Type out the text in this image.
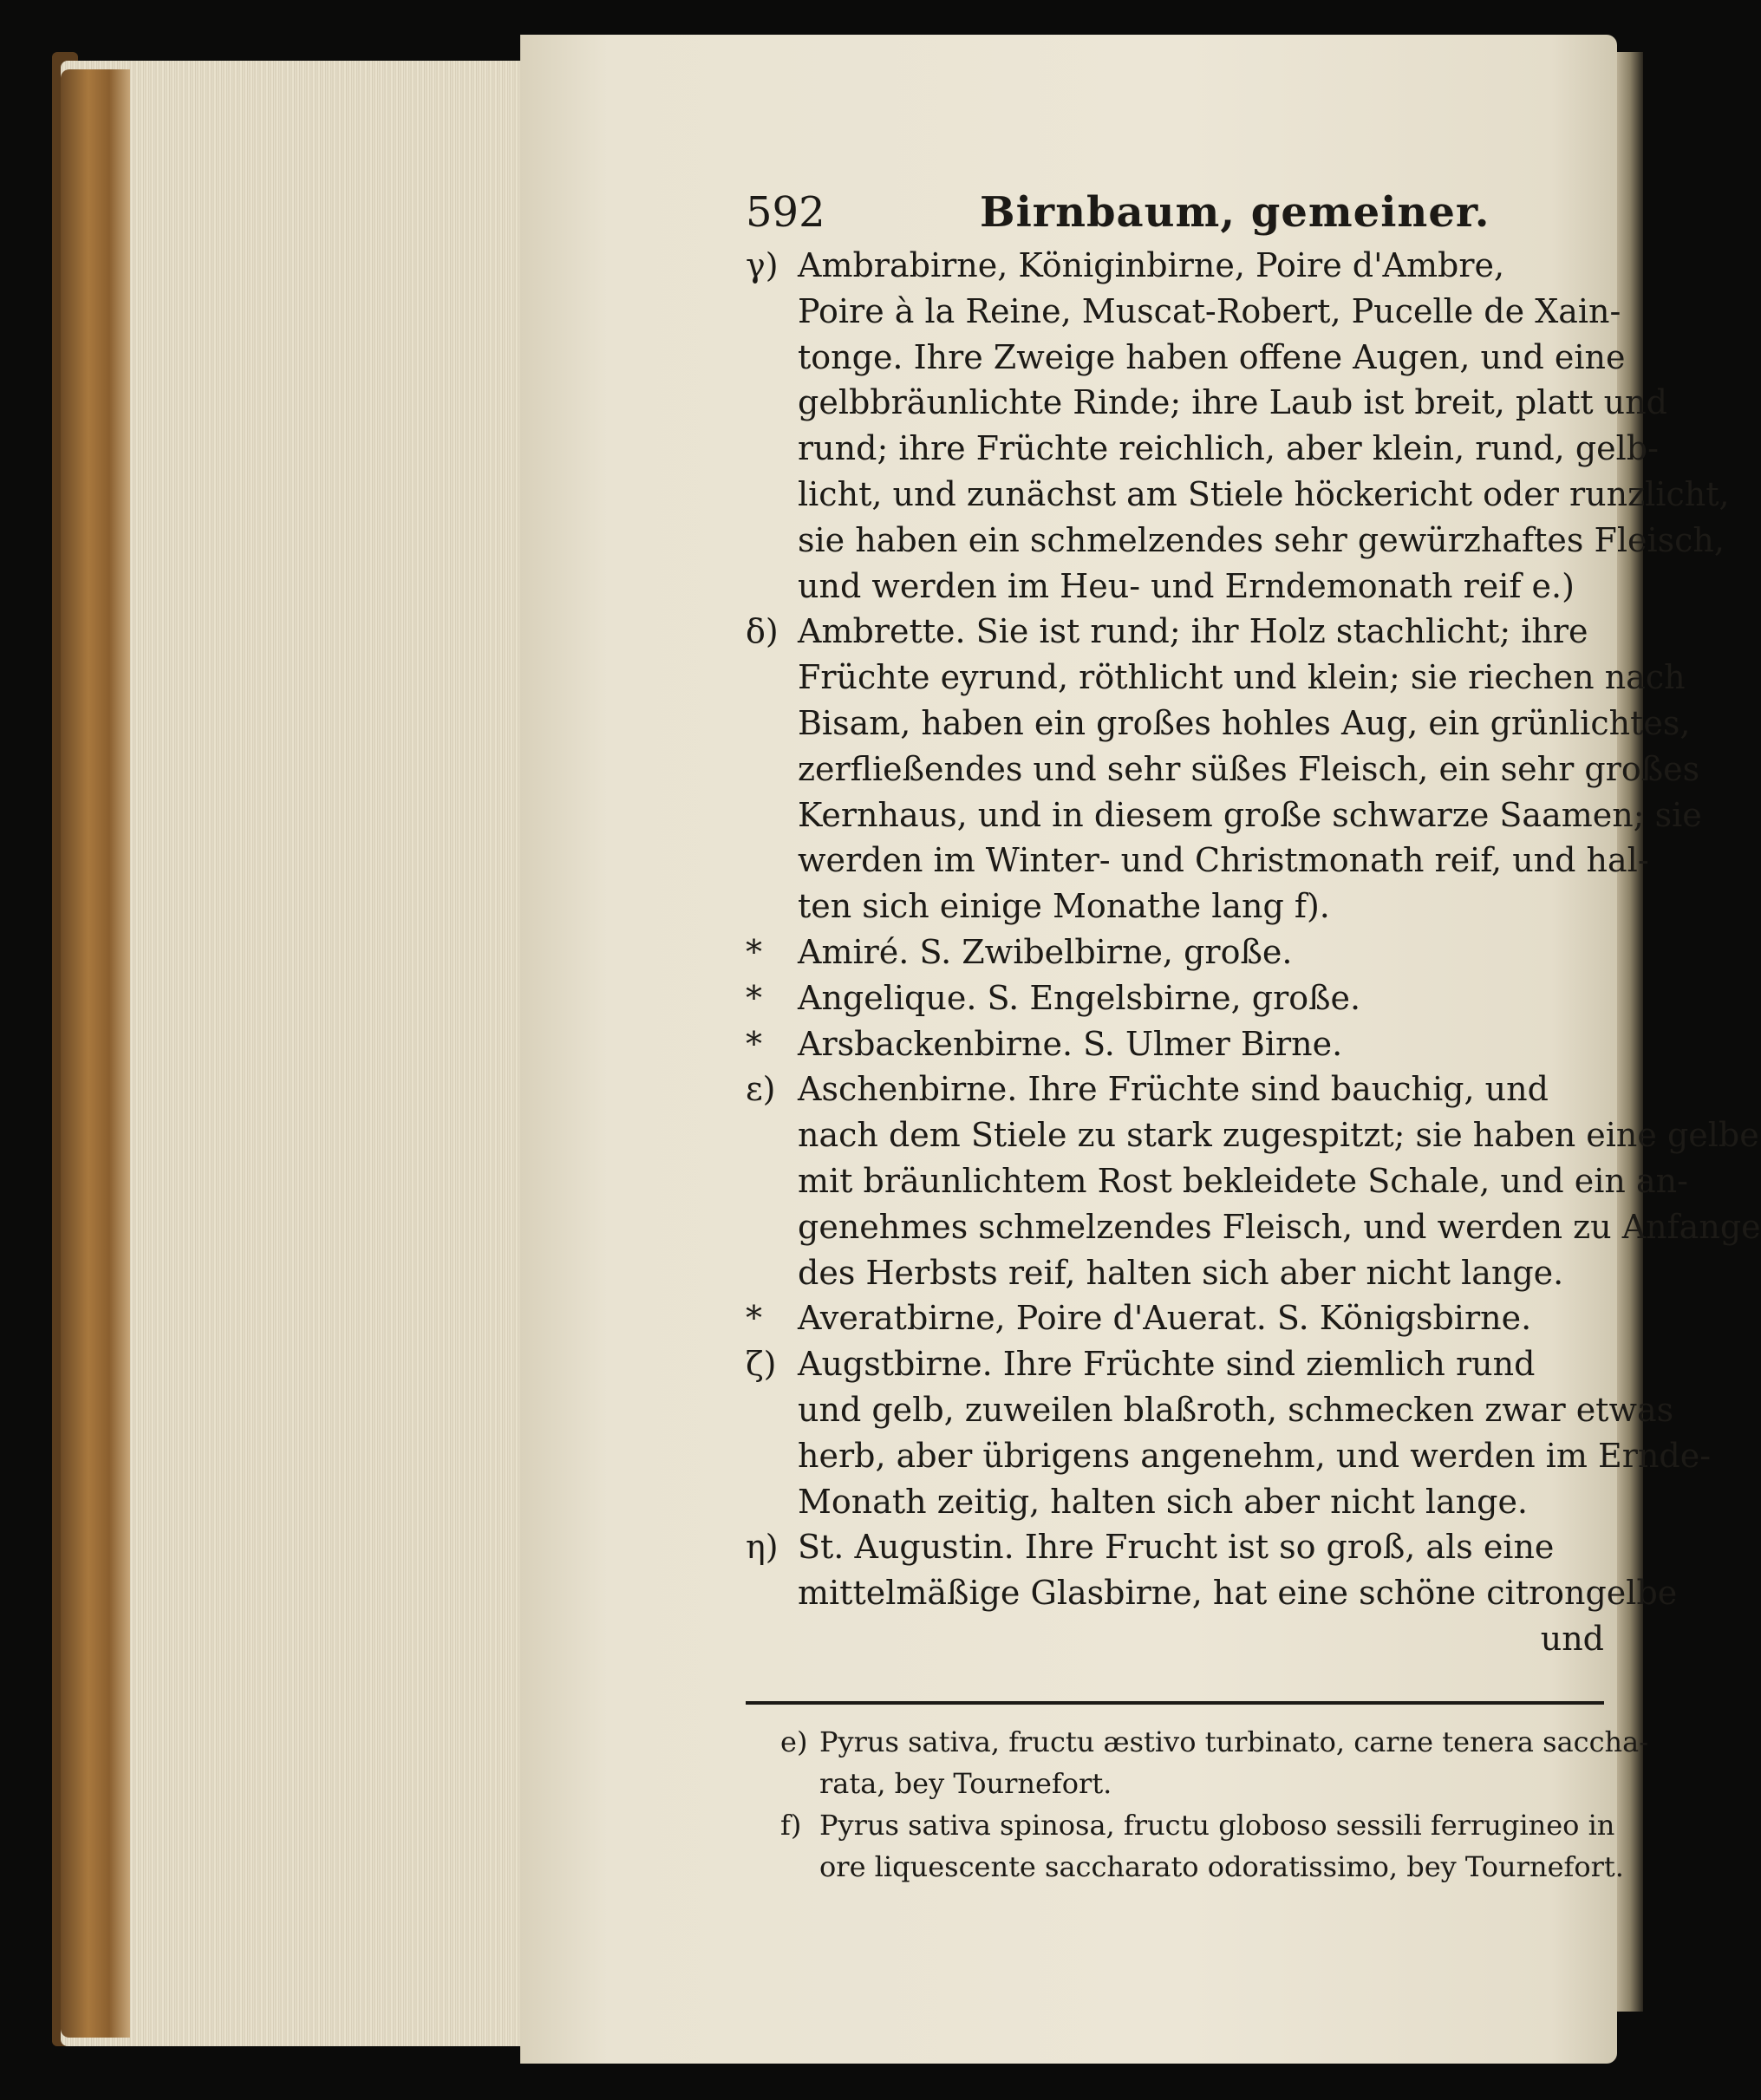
592	Birnbaum, gemeiner.
γ) Ambrabirne, Königinbirne, Poire d'Ambre,
Poire à la Reine, Muscat-Robert, Pucelle de Xain-
tonge. Ihre Zweige haben offene Augen, und eine
gelbbräunlichte Rinde; ihre Laub ist breit, platt und
rund; ihre Früchte reichlich, aber klein, rund, gelb-
licht, und zunächst am Stiele höckericht oder runzlicht,
sie haben ein schmelzendes sehr gewürzhaftes Fleisch,
und werden im Heu- und Erndemonath reif e.)
δ) Ambrette. Sie ist rund; ihr Holz stachlicht; ihre
Früchte eyrund, röthlicht und klein; sie riechen nach
Bisam, haben ein großes hohles Aug, ein grünlichtes,
zerfließendes und sehr süßes Fleisch, ein sehr großes
Kernhaus, und in diesem große schwarze Saamen; sie
werden im Winter- und Christmonath reif, und hal-
ten sich einige Monathe lang f).
* Amiré. S. Zwibelbirne, große.
* Angelique. S. Engelsbirne, große.
* Arsbackenbirne. S. Ulmer Birne.
ε) Aschenbirne. Ihre Früchte sind bauchig, und
nach dem Stiele zu stark zugespitzt; sie haben eine gelbe
mit bräunlichtem Rost bekleidete Schale, und ein an-
genehmes schmelzendes Fleisch, und werden zu Anfange
des Herbsts reif, halten sich aber nicht lange.
* Averatbirne, Poire d'Auerat. S. Königsbirne.
ζ) Augstbirne. Ihre Früchte sind ziemlich rund
und gelb, zuweilen blaßroth, schmecken zwar etwas
herb, aber übrigens angenehm, und werden im Ernde-
Monath zeitig, halten sich aber nicht lange.
η) St. Augustin. Ihre Frucht ist so groß, als eine
mittelmäßige Glasbirne, hat eine schöne citrongelbe
und
e) Pyrus sativa, fructu æstivo turbinato, carne tenera saccha-
rata, bey Tournefort.
f) Pyrus sativa spinosa, fructu globoso sessili ferrugineo in
ore liquescente saccharato odoratissimo, bey Tournefort.
